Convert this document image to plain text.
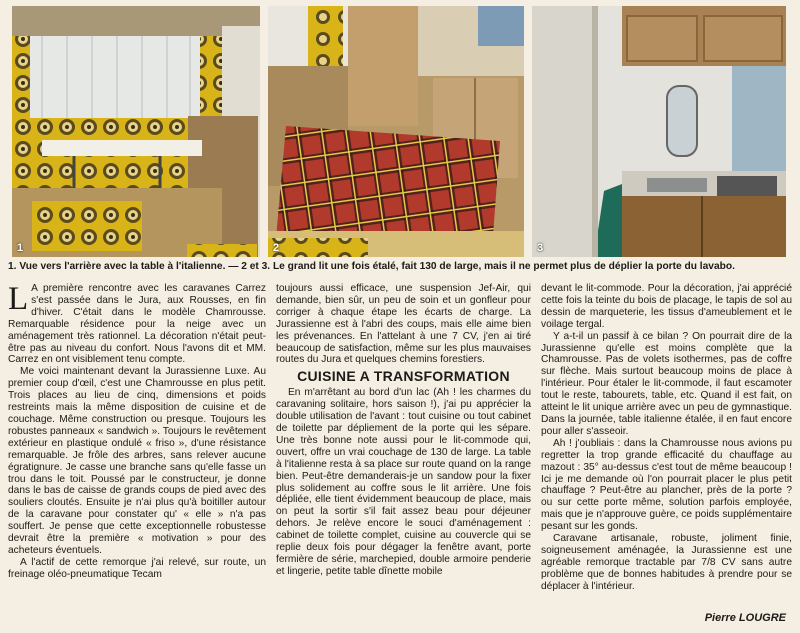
1	2	3
1. Vue vers l'arrière avec la table à l'italienne. — 2 et 3. Le grand lit une fois étalé, fait 130 de large, mais il ne permet plus de déplier la porte du lavabo.

L A première rencontre avec les caravanes Carrez s'est passée dans le Jura, aux Rousses, en fin d'hiver. C'était dans le modèle Chamrousse. Remarquable résidence pour la neige avec un aménagement très rationnel. La décoration n'était peut-être pas au niveau du confort. Nous l'avons dit et MM. Carrez en ont visiblement tenu compte.

Me voici maintenant devant la Jurassienne Luxe. Au premier coup d'œil, c'est une Chamrousse en plus petit. Trois places au lieu de cinq, dimensions et poids restreints mais la même disposition de cuisine et de couchage. Même construction ou presque. Toujours les robustes panneaux « sandwich ». Toujours le revêtement extérieur en plastique ondulé « friso », d'une résistance remarquable. Je frôle des arbres, sans relever aucune égratignure. Je casse une branche sans qu'elle fasse un trou dans le toit. Poussé par le constructeur, je donne dans le bas de caisse de grands coups de pied avec des souliers cloutés. Ensuite je n'ai plus qu'à boitiller autour de la caravane pour constater qu' « elle » n'a pas souffert. Je pense que cette exceptionnelle robustesse devrait être la première « motivation » pour des acheteurs éventuels.

A l'actif de cette remorque j'ai relevé, sur route, un freinage oléo-pneumatique Tecam

toujours aussi efficace, une suspension Jef-Air, qui demande, bien sûr, un peu de soin et un gonfleur pour corriger à chaque étape les écarts de charge. La Jurassienne est à l'abri des coups, mais elle aime bien les prévenances. En l'attelant à une 7 CV, j'en ai tiré beaucoup de satisfaction, même sur les plus mauvaises routes du Jura et quelques chemins forestiers.

CUISINE A TRANSFORMATION

En m'arrêtant au bord d'un lac (Ah ! les charmes du caravaning solitaire, hors saison !), j'ai pu apprécier la double utilisation de l'avant : tout cuisine ou tout cabinet de toilette par dépliement de la porte qui les sépare. Une très bonne note aussi pour le lit-commode qui, ouvert, offre un vrai couchage de 130 de large. La table à l'italienne resta à sa place sur route quand on la range bien. Peut-être demanderais-je un sandow pour la fixer plus solidement au coffre sous le lit arrière. Une fois dépliée, elle tient évidemment beaucoup de place, mais on peut la sortir s'il fait assez beau pour déjeuner dehors. Je relève encore le souci d'aménagement : cabinet de toilette complet, cuisine au couvercle qui se replie deux fois pour dégager la fenêtre avant, porte fermière de série, marchepied, double armoire penderie et lingerie, petite table dînette mobile

devant le lit-commode. Pour la décoration, j'ai apprécié cette fois la teinte du bois de placage, le tapis de sol au dessin de marqueterie, les tissus d'ameublement et le voilage tergal.

Y a-t-il un passif à ce bilan ? On pourrait dire de la Jurassienne qu'elle est moins complète que la Chamrousse. Pas de volets isothermes, pas de coffre sur flèche. Mais surtout beaucoup moins de place à l'intérieur. Pour étaler le lit-commode, il faut escamoter tout le reste, tabourets, table, etc. Quand il est fait, on atteint le lit unique arrière avec un peu de gymnastique. Dans la journée, table italienne étalée, il en faut encore pour aller s'asseoir.

Ah ! j'oubliais : dans la Chamrousse nous avions pu regretter la trop grande efficacité du chauffage au mazout : 35° au-dessus c'est tout de même beaucoup ! Ici je me demande où l'on pourrait placer le plus petit chauffage ? Peut-être au plancher, près de la porte ? ou sur cette porte même, solution parfois employée, mais que je n'approuve guère, ce poids supplémentaire pesant sur les gonds.

Caravane artisanale, robuste, joliment finie, soigneusement aménagée, la Jurassienne est une agréable remorque tractable par 7/8 CV sans autre problème que de bonnes habitudes à prendre pour se déplacer à l'intérieur.

Pierre LOUGRE
